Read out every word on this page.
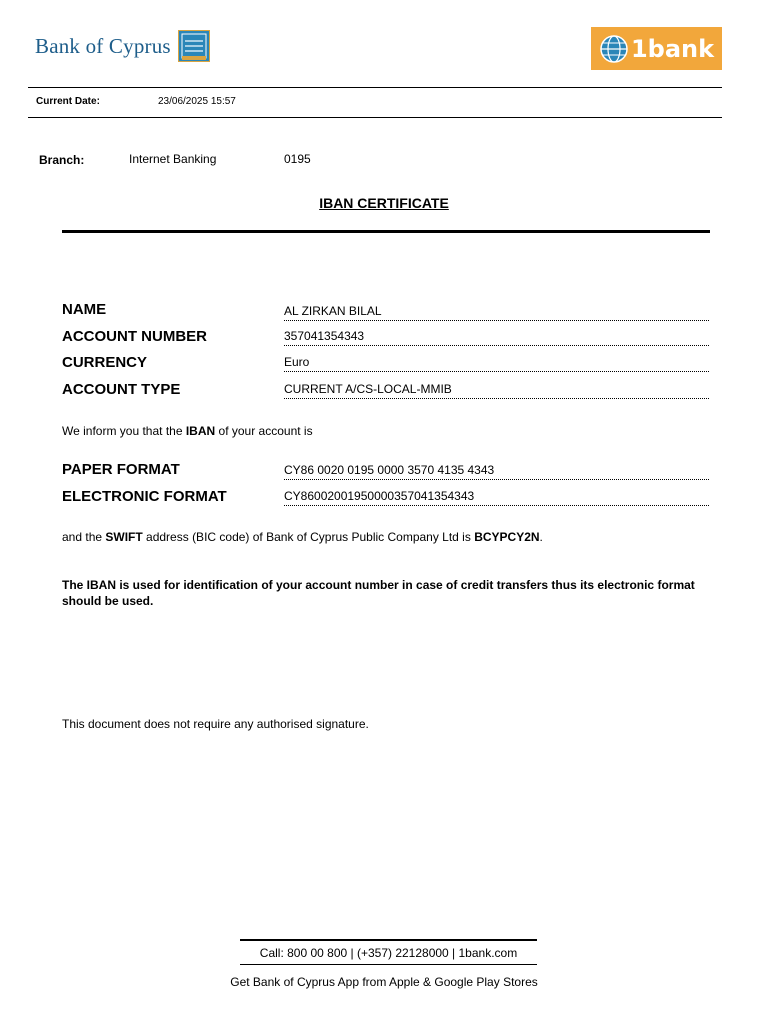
Bank of Cyprus	1bank
Current Date:	23/06/2025 15:57
Branch:	Internet Banking	0195
IBAN CERTIFICATE
NAME	AL ZIRKAN BILAL
ACCOUNT NUMBER	357041354343
CURRENCY	Euro
ACCOUNT TYPE	CURRENT A/CS-LOCAL-MMIB
We inform you that the IBAN of your account is
PAPER FORMAT	CY86 0020 0195 0000 3570 4135 4343
ELECTRONIC FORMAT	CY86002001950000357041354343
and the SWIFT address (BIC code) of Bank of Cyprus Public Company Ltd is BCYPCY2N.
The IBAN is used for identification of your account number in case of credit transfers thus its electronic format should be used.
This document does not require any authorised signature.
Call: 800 00 800 | (+357) 22128000 | 1bank.com
Get Bank of Cyprus App from Apple & Google Play Stores
